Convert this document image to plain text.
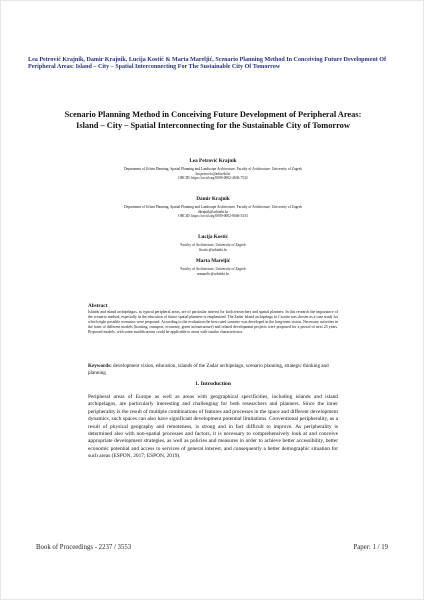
Lea Petrović Krajnik, Damir Krajnik, Lucija Kostić & Marta Mareljić, Scenario Planning Method In Conceiving Future Development Of Peripheral Areas: Island – City – Spatial Interconnecting For The Sustainable City Of Tomorrow
Scenario Planning Method in Conceiving Future Development of Peripheral Areas: Island – City – Spatial Interconnecting for the Sustainable City of Tomorrow
Lea Petrović Krajnik
Department of Urban Planning, Spatial Planning and Landscape Architecture, Faculty of Architecture, University of Zagreb
lea.petrovic@arhitekt.hr
ORCID: https://orcid.org/0000-0002-4636-7532
Damir Krajnik
Department of Urban Planning, Spatial Planning and Landscape Architecture, Faculty of Architecture, University of Zagreb
dkrajnik@arhitekt.hr
ORCID: https://orcid.org/0000-0002-8046-3333
Lucija Kostić
Faculty of Architecture, University of Zagreb
lkostic@arhitekt.hr
Marta Mareljić
Faculty of Architecture, University of Zagreb
mmarelic@arhitekt.hr
Abstract
Islands and island archipelagos, as typical peripheral areas, are of particular interest for both researchers and spatial planners. In this research the importance of the scenario method, especially in the education of future spatial planners is emphasized. The Zadar Island archipelago in Croatia was chosen as a case study for which eight possible scenarios were proposed. According to the evaluation the best rated scenario was developed in the long-term vision. Necessary activities in the form of different models (housing, transport, economy, green infrastructure) and related development projects were proposed for a period of next 25 years. Proposed models, with some modifications could be applicable to areas with similar characteristics.
Keywords: development vision, education, islands of the Zadar archipelago, scenario planning, strategic thinking and planning
1. Introduction
Peripheral areas of Europe as well as areas with geographical specificities, including islands and island archipelagos, are particularly interesting and challenging for both researchers and planners. Since the inner peripherality is the result of multiple combinations of features and processes in the space and different development dynamics, such spaces can also have significant development potential limitations. Conventional peripherality, as a result of physical geography and remoteness, is strong and in fact difficult to improve. As peripherality is determined also with non-spatial processes and factors, it is necessary to comprehensively look at and conceive appropriate development strategies, as well as policies and measures in order to achieve better accessibility, better economic potential and access to services of general interest, and consequently a better demographic situation for such areas (ESPON, 2017; ESPON, 2019).
Book of Proceedings - 2237 / 3553	Paper: 1 / 19
